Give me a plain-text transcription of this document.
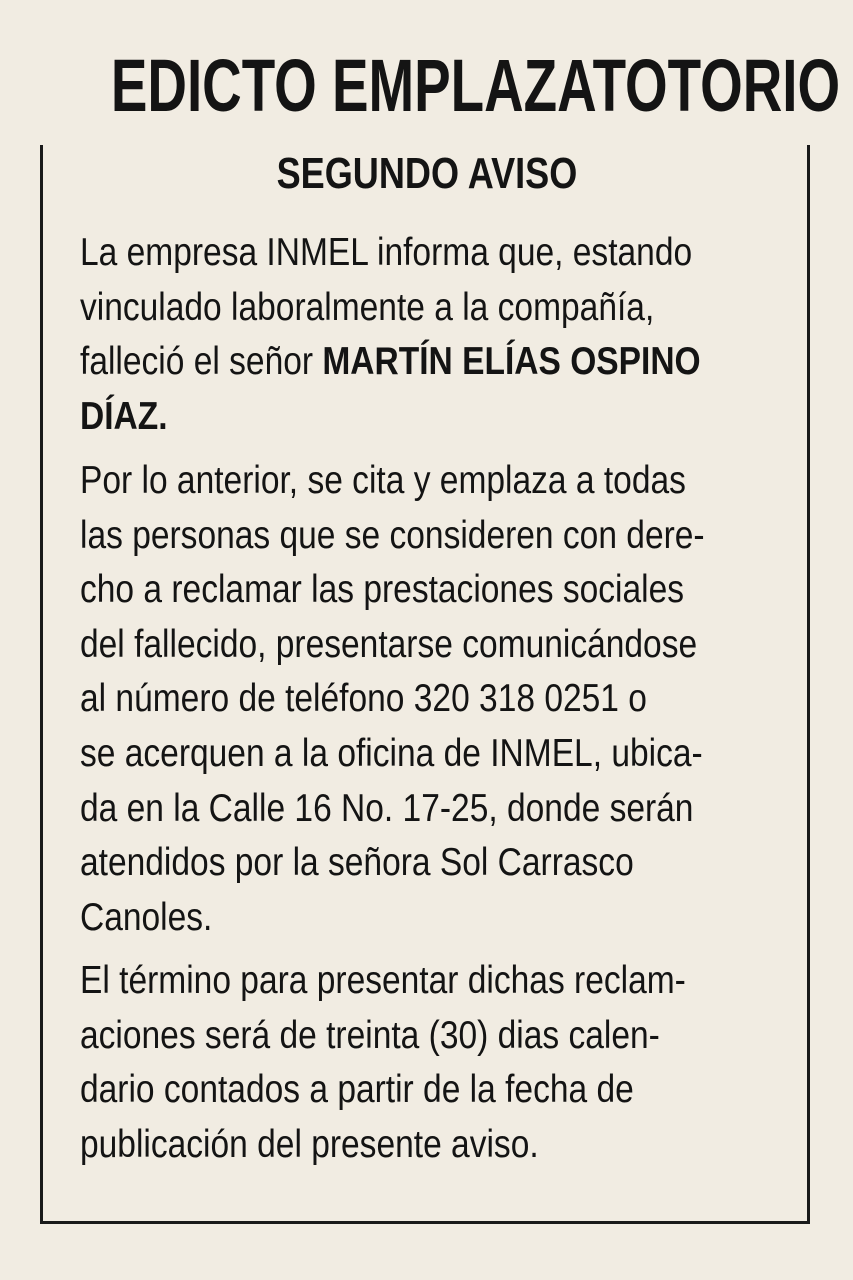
EDICTO EMPLAZATOTORIO
SEGUNDO AVISO
La empresa INMEL informa que, estando
vinculado laboralmente a la compañía,
falleció el señor MARTÍN ELÍAS OSPINO
DÍAZ.
Por lo anterior, se cita y emplaza a todas
las personas que se consideren con dere-
cho a reclamar las prestaciones sociales
del fallecido, presentarse comunicándose
al número de teléfono 320 318 0251 o
se acerquen a la oficina de INMEL, ubica-
da en la Calle 16 No. 17-25, donde serán
atendidos por la señora Sol Carrasco
Canoles.
El término para presentar dichas reclam-
aciones será de treinta (30) dias calen-
dario contados a partir de la fecha de
publicación del presente aviso.
